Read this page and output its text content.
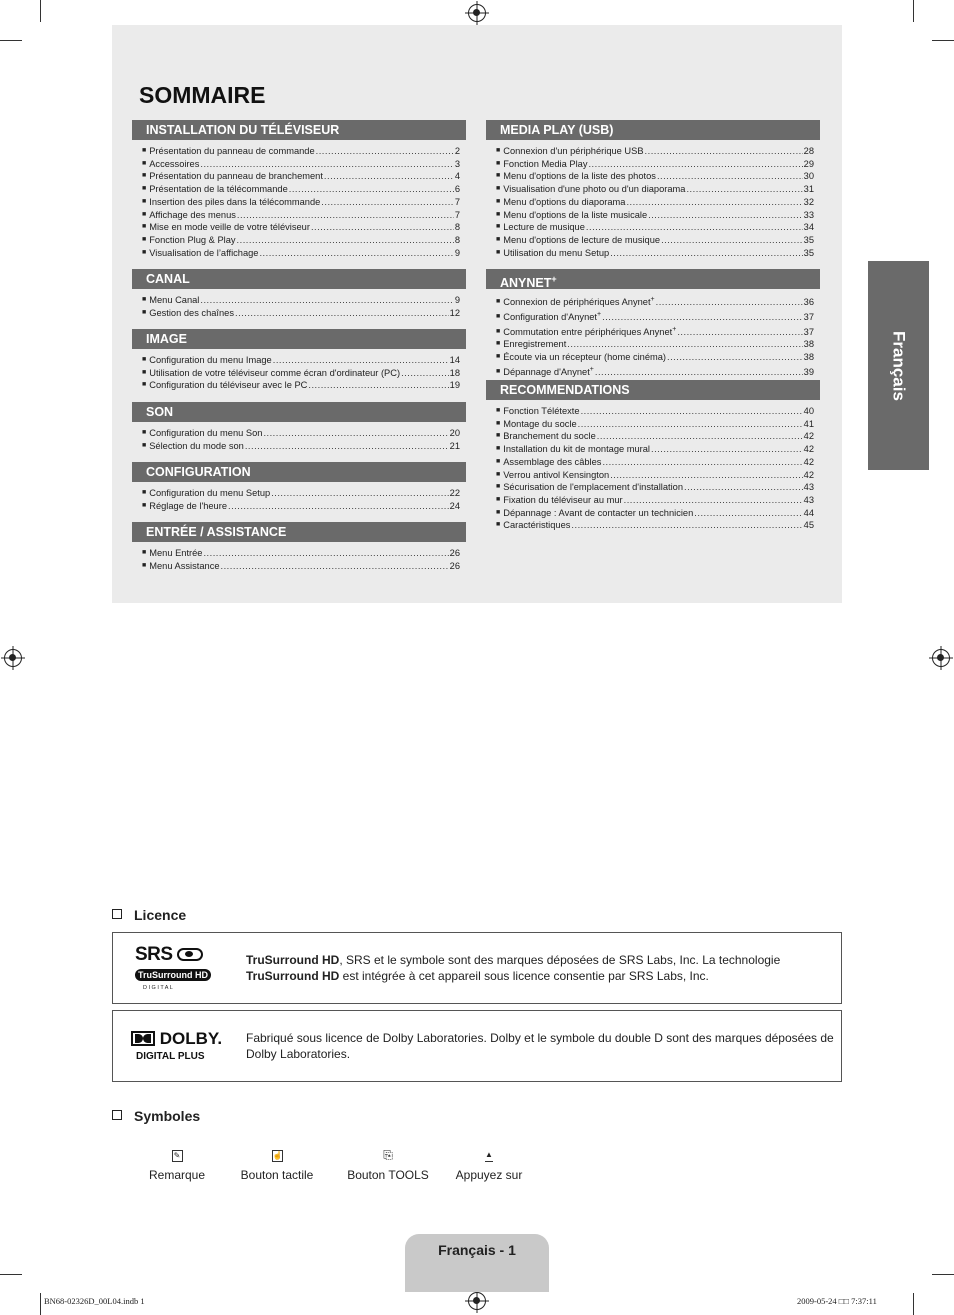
SOMMAIRE
Français
Licence
SRS
TruSurround HD
D I G I T A L
TruSurround HD, SRS et le symbole sont des marques déposées de SRS Labs, Inc. La technologie
TruSurround HD est intégrée à cet appareil sous licence consentie par SRS Labs, Inc.
DOLBY.
DIGITAL PLUS
Fabriqué sous licence de Dolby Laboratories. Dolby et le symbole du double D sont des marques déposées de Dolby Laboratories.
Symboles
✎
Remarque
☝
Bouton tactile
⎘
Bouton TOOLS
▲
Appuyez sur
Français - 1
BN68-02326D_00L04.indb 1	2009-05-24 □□ 7:37:11
INSTALLATION DU TÉLÉVISEUR
■ Présentation du panneau de commande .....	2
■ Accessoires .....	3
■ Présentation du panneau de branchement .....	4
■ Présentation de la télécommande .....	6
■ Insertion des piles dans la télécommande .....	7
■ Affichage des menus .....	7
■ Mise en mode veille de votre téléviseur .....	8
■ Fonction Plug & Play .....	8
■ Visualisation de l’affichage .....	9
CANAL
■ Menu Canal .....	9
■ Gestion des chaînes .....	12
IMAGE
■ Configuration du menu Image .....	14
■ Utilisation de votre téléviseur comme écran d'ordinateur (PC) .....	18
■ Configuration du téléviseur avec le PC .....	19
SON
■ Configuration du menu Son .....	20
■ Sélection du mode son .....	21
CONFIGURATION
■ Configuration du menu Setup .....	22
■ Réglage de l'heure .....	24
ENTRÉE / ASSISTANCE
■ Menu Entrée .....	26
■ Menu Assistance .....	26
MEDIA PLAY (USB)
■ Connexion d'un périphérique USB .....	28
■ Fonction Media Play .....	29
■ Menu d'options de la liste des photos .....	30
■ Visualisation d'une photo ou d'un diaporama .....	31
■ Menu d'options du diaporama .....	32
■ Menu d'options de la liste musicale .....	33
■ Lecture de musique .....	34
■ Menu d'options de lecture de musique .....	35
■ Utilisation du menu Setup .....	35
ANYNET+
■ Connexion de périphériques Anynet+ .....	36
■ Configuration d'Anynet+ .....	37
■ Commutation entre périphériques Anynet+ .....	37
■ Enregistrement .....	38
■ Écoute via un récepteur (home cinéma) .....	38
■ Dépannage d'Anynet+ .....	39
RECOMMENDATIONS
■ Fonction Télétexte .....	40
■ Montage du socle .....	41
■ Branchement du socle .....	42
■ Installation du kit de montage mural .....	42
■ Assemblage des câbles .....	42
■ Verrou antivol Kensington .....	42
■ Sécurisation de l'emplacement d'installation .....	43
■ Fixation du téléviseur au mur .....	43
■ Dépannage : Avant de contacter un technicien .....	44
■ Caractéristiques .....	45
